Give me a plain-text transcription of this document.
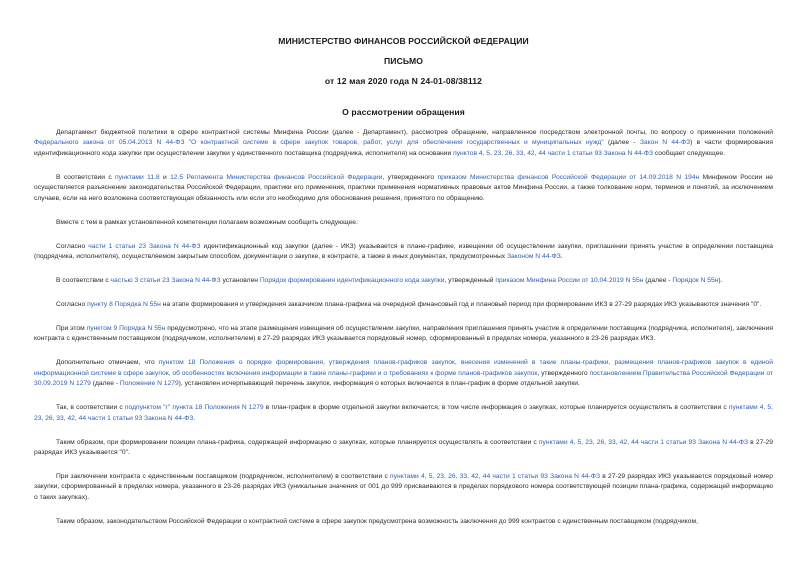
МИНИСТЕРСТВО ФИНАНСОВ РОССИЙСКОЙ ФЕДЕРАЦИИ
ПИСЬМО
от 12 мая 2020 года N 24-01-08/38112
О рассмотрении обращения

Департамент бюджетной политики в сфере контрактной системы Минфина России (далее - Департамент), рассмотрев обращение, направленное посредством электронной почты, по вопросу о применении положений Федерального закона от 05.04.2013 N 44-ФЗ "О контрактной системе в сфере закупок товаров, работ, услуг для обеспечения государственных и муниципальных нужд" (далее - Закон N 44-ФЗ) в части формирования идентификационного кода закупки при осуществлении закупки у единственного поставщика (подрядчика, исполнителя) на основании пунктов 4, 5, 23, 26, 33, 42, 44 части 1 статьи 93 Закона N 44-ФЗ сообщает следующее.

В соответствии с пунктами 11.8 и 12.5 Регламента Министерства финансов Российской Федерации, утвержденного приказом Министерства финансов Российской Федерации от 14.09.2018 N 194н Минфином России не осуществляется разъяснение законодательства Российской Федерации, практики его применения, практики применения нормативных правовых актов Минфина России, а также толкование норм, терминов и понятий, за исключением случаев, если на него возложена соответствующая обязанность или если это необходимо для обоснования решения, принятого по обращению.

Вместе с тем в рамках установленной компетенции полагаем возможным сообщить следующее.

Согласно части 1 статьи 23 Закона N 44-ФЗ идентификационный код закупки (далее - ИКЗ) указывается в плане-графике, извещении об осуществлении закупки, приглашении принять участие в определении поставщика (подрядчика, исполнителя), осуществляемом закрытым способом, документации о закупке, в контракте, а также в иных документах, предусмотренных Законом N 44-ФЗ.

В соответствии с частью 3 статьи 23 Закона N 44-ФЗ установлен Порядок формирования идентификационного кода закупки, утвержденный приказом Минфина России от 10.04.2019 N 55н (далее - Порядок N 55н).

Согласно пункту 8 Порядка N 55н на этапе формирования и утверждения заказчиком плана-графика на очередной финансовый год и плановый период при формировании ИКЗ в 27-29 разрядах ИКЗ указываются значения "0".

При этом пунктом 9 Порядка N 55н предусмотрено, что на этапе размещения извещения об осуществлении закупки, направления приглашения принять участие в определении поставщика (подрядчика, исполнителя), заключения контракта с единственным поставщиком (подрядчиком, исполнителем) в 27-29 разрядах ИКЗ указывается порядковый номер, сформированный в пределах номера, указанного в 23-26 разрядах ИКЗ.

Дополнительно отмечаем, что пунктом 18 Положения о порядке формирования, утверждения планов-графиков закупок, внесения изменений в такие планы-графики, размещения планов-графиков закупок в единой информационной системе в сфере закупок, об особенностях включения информации в такие планы-графики и о требованиях к форме планов-графиков закупок, утвержденного постановлением Правительства Российской Федерации от 30.09.2019 N 1279 (далее - Положение N 1279), установлен исчерпывающий перечень закупок, информация о которых включается в план-график в форме отдельной закупки.

Так, в соответствии с подпунктом "г" пункта 18 Положения N 1279 в план-график в форме отдельной закупки включается, в том числе информация о закупках, которые планируется осуществлять в соответствии с пунктами 4, 5, 23, 26, 33, 42, 44 части 1 статьи 93 Закона N 44-ФЗ.

Таким образом, при формировании позиции плана-графика, содержащей информацию о закупках, которые планируется осуществлять в соответствии с пунктами 4, 5, 23, 26, 33, 42, 44 части 1 статьи 93 Закона N 44-ФЗ в 27-29 разрядах ИКЗ указывается "0".

При заключении контракта с единственным поставщиком (подрядчиком, исполнителем) в соответствии с пунктами 4, 5, 23, 26, 33, 42, 44 части 1 статьи 93 Закона N 44-ФЗ в 27-29 разрядах ИКЗ указывается порядковый номер закупки, сформированный в пределах номера, указанного в 23-26 разрядах ИКЗ (уникальные значения от 001 до 999 присваиваются в пределах порядкового номера соответствующей позиции плана-графика, содержащей информацию о таких закупках).

Таким образом, законодательством Российской Федерации о контрактной системе в сфере закупок предусмотрена возможность заключения до 999 контрактов с единственным поставщиком (подрядчиком,
